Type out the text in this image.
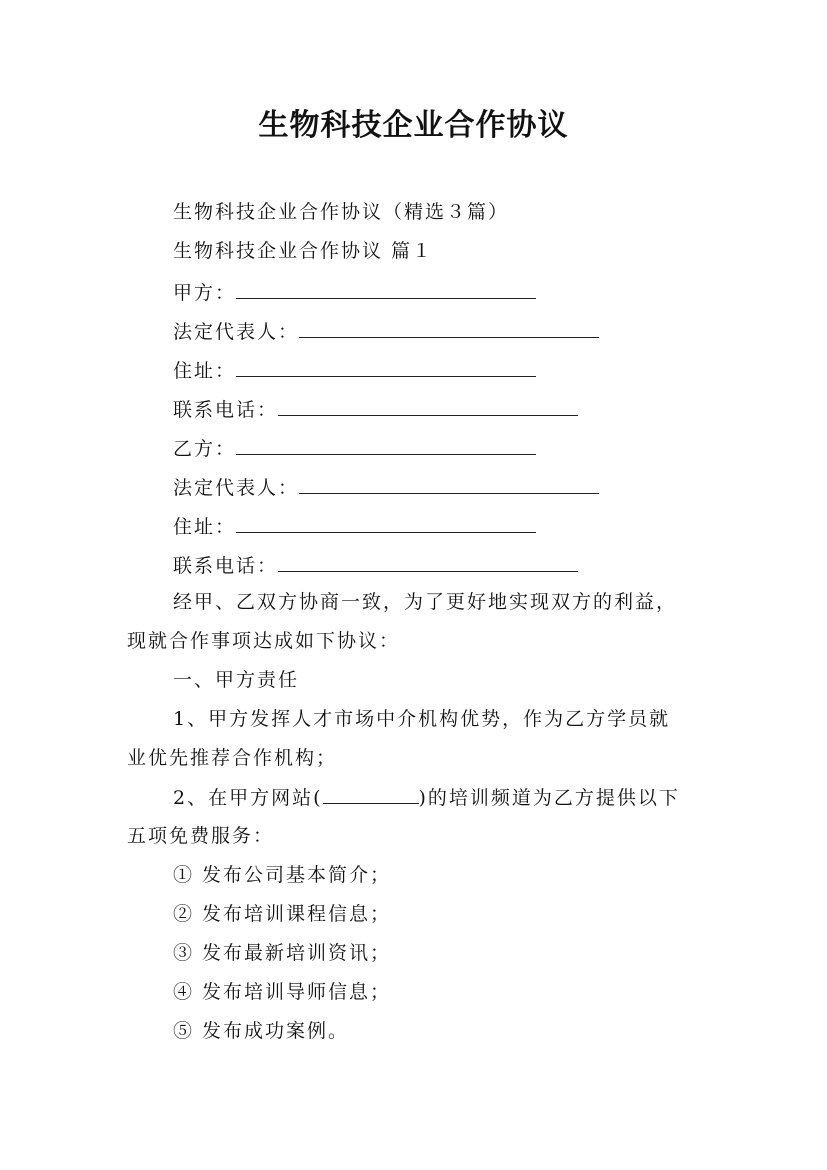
生物科技企业合作协议
生物科技企业合作协议（精选３篇）
生物科技企业合作协议 篇１
甲方：
法定代表人：
住址：
联系电话：
乙方：
法定代表人：
住址：
联系电话：
经甲、乙双方协商一致，为了更好地实现双方的利益，
现就合作事项达成如下协议：
一、甲方责任
1、甲方发挥人才市场中介机构优势，作为乙方学员就
业优先推荐合作机构；
2、在甲方网站(	)的培训频道为乙方提供以下
五项免费服务：
① 发布公司基本简介；
② 发布培训课程信息；
③ 发布最新培训资讯；
④ 发布培训导师信息；
⑤ 发布成功案例。
